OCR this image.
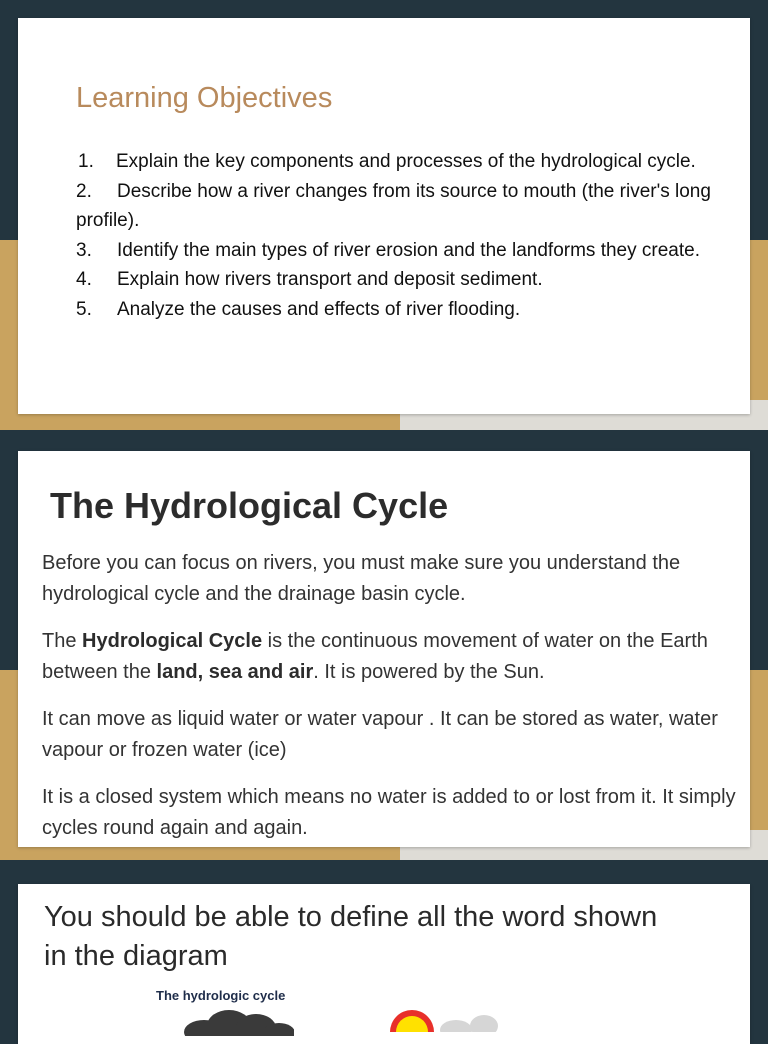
Learning Objectives
1. Explain the key components and processes of the hydrological cycle.
2. Describe how a river changes from its source to mouth (the river's long profile).
3. Identify the main types of river erosion and the landforms they create.
4. Explain how rivers transport and deposit sediment.
5. Analyze the causes and effects of river flooding.
The Hydrological Cycle

Before you can focus on rivers, you must make sure you understand the hydrological cycle and the drainage basin cycle.

The Hydrological Cycle is the continuous movement of water on the Earth between the land, sea and air. It is powered by the Sun.

It can move as liquid water or water vapour . It can be stored as water, water vapour or frozen water (ice)

It is a closed system which means no water is added to or lost from it. It simply cycles round again and again.

You should be able to define all the word shown in the diagram
The hydrologic cycle
